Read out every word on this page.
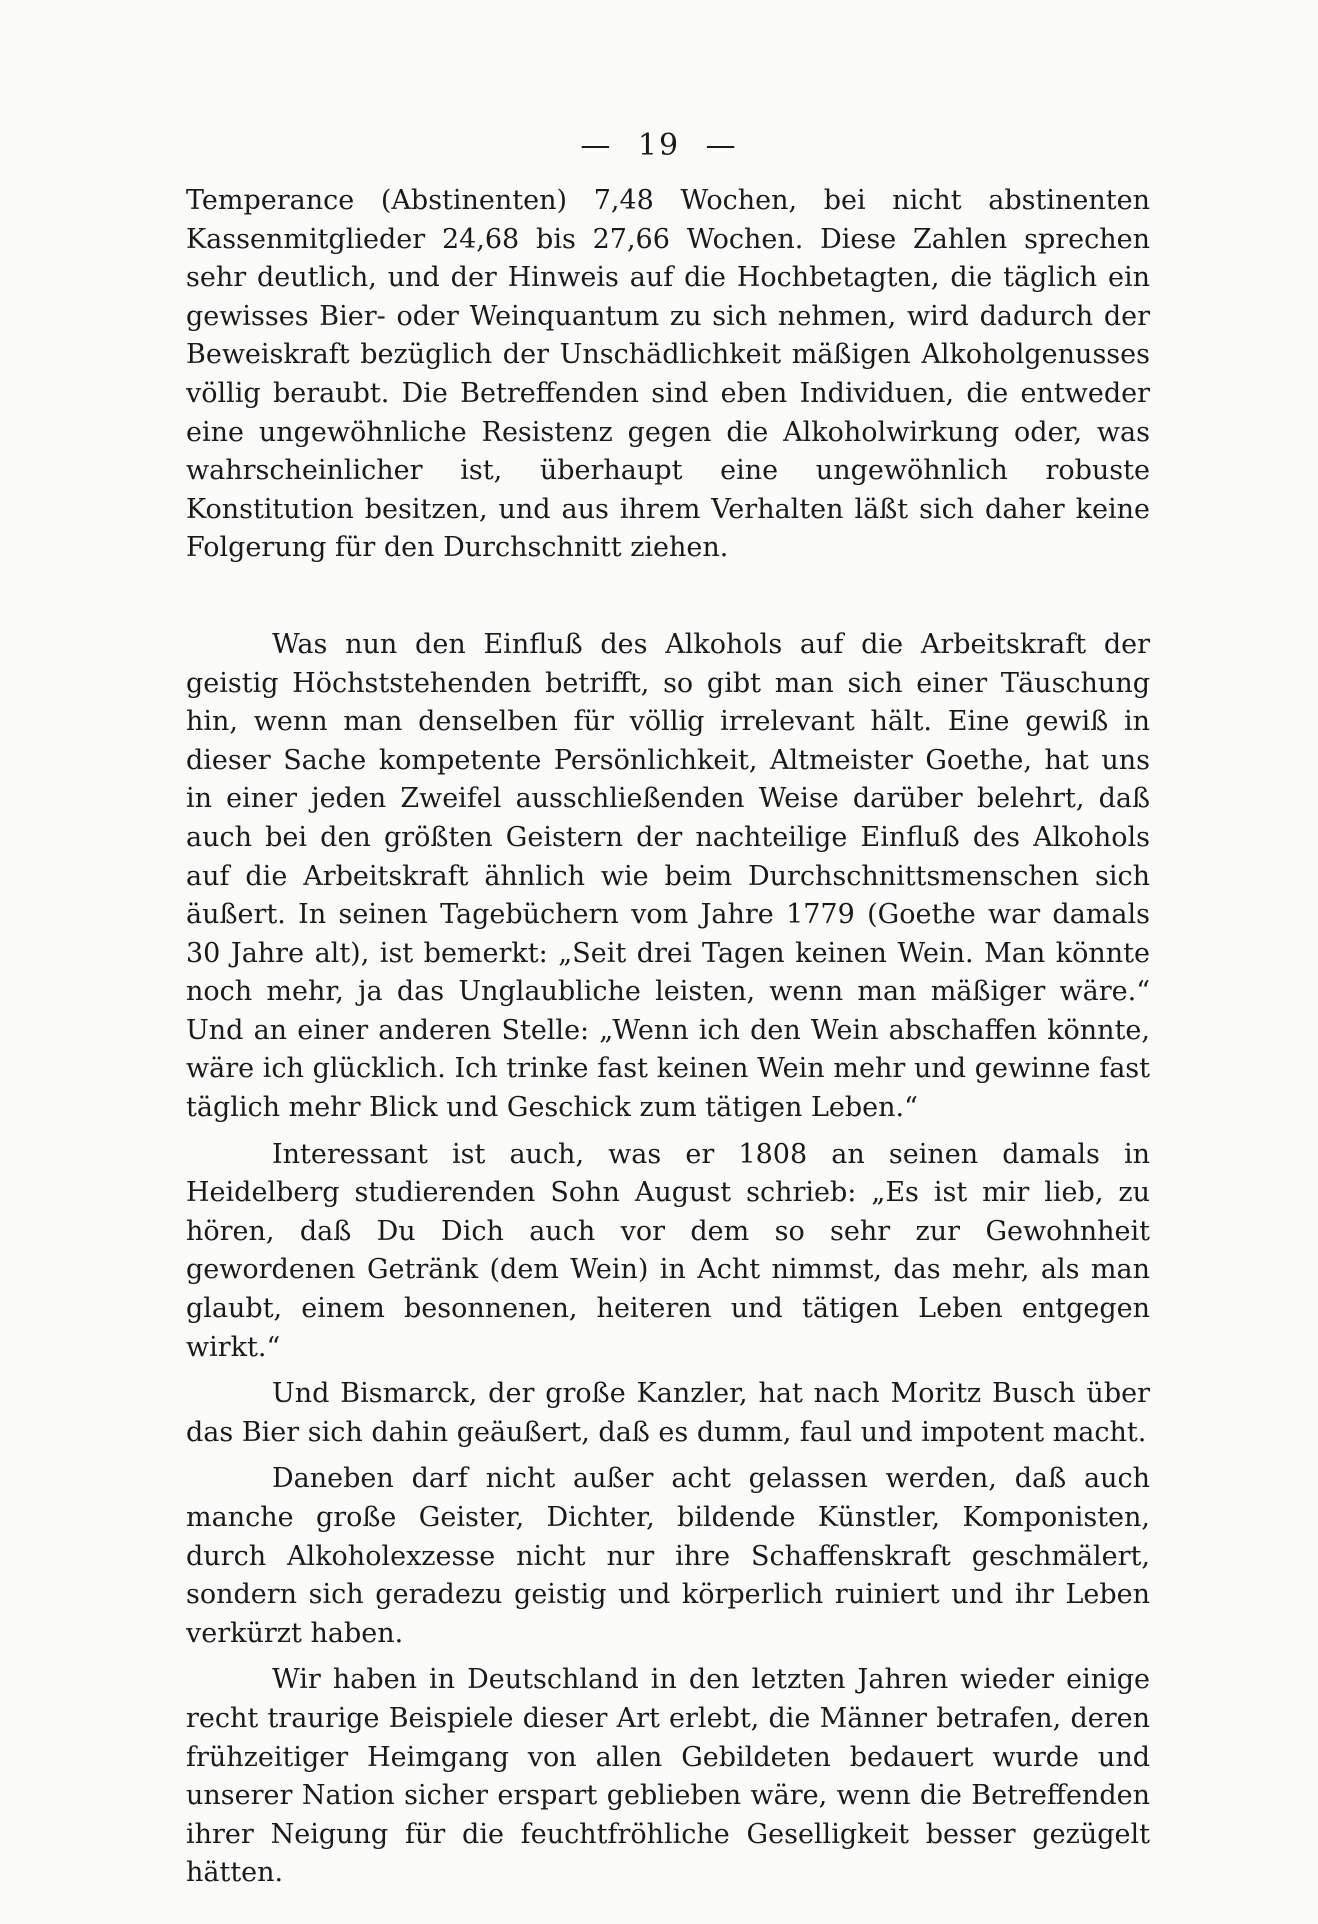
— 19 —

Temperance (Abstinenten) 7,48 Wochen, bei nicht abstinenten Kassenmitglieder 24,68 bis 27,66 Wochen. Diese Zahlen sprechen sehr deutlich, und der Hinweis auf die Hochbetagten, die täglich ein gewisses Bier- oder Weinquantum zu sich nehmen, wird dadurch der Beweiskraft bezüglich der Unschädlichkeit mäßigen Alkoholgenusses völlig beraubt. Die Betreffenden sind eben Individuen, die entweder eine ungewöhnliche Resistenz gegen die Alkoholwirkung oder, was wahrscheinlicher ist, überhaupt eine ungewöhnlich robuste Konstitution besitzen, und aus ihrem Verhalten läßt sich daher keine Folgerung für den Durchschnitt ziehen.

Was nun den Einfluß des Alkohols auf die Arbeitskraft der geistig Höchststehenden betrifft, so gibt man sich einer Täuschung hin, wenn man denselben für völlig irrelevant hält. Eine gewiß in dieser Sache kompetente Persönlichkeit, Altmeister Goethe, hat uns in einer jeden Zweifel ausschließenden Weise darüber belehrt, daß auch bei den größten Geistern der nachteilige Einfluß des Alkohols auf die Arbeitskraft ähnlich wie beim Durchschnittsmenschen sich äußert. In seinen Tagebüchern vom Jahre 1779 (Goethe war damals 30 Jahre alt), ist bemerkt: „Seit drei Tagen keinen Wein. Man könnte noch mehr, ja das Unglaubliche leisten, wenn man mäßiger wäre.“ Und an einer anderen Stelle: „Wenn ich den Wein abschaffen könnte, wäre ich glücklich. Ich trinke fast keinen Wein mehr und gewinne fast täglich mehr Blick und Geschick zum tätigen Leben.“

Interessant ist auch, was er 1808 an seinen damals in Heidelberg studierenden Sohn August schrieb: „Es ist mir lieb, zu hören, daß Du Dich auch vor dem so sehr zur Gewohnheit gewordenen Getränk (dem Wein) in Acht nimmst, das mehr, als man glaubt, einem besonnenen, heiteren und tätigen Leben entgegen wirkt.“

Und Bismarck, der große Kanzler, hat nach Moritz Busch über das Bier sich dahin geäußert, daß es dumm, faul und impotent macht.

Daneben darf nicht außer acht gelassen werden, daß auch manche große Geister, Dichter, bildende Künstler, Komponisten, durch Alkoholexzesse nicht nur ihre Schaffenskraft geschmälert, sondern sich geradezu geistig und körperlich ruiniert und ihr Leben verkürzt haben.

Wir haben in Deutschland in den letzten Jahren wieder einige recht traurige Beispiele dieser Art erlebt, die Männer betrafen, deren frühzeitiger Heimgang von allen Gebildeten bedauert wurde und unserer Nation sicher erspart geblieben wäre, wenn die Betreffenden ihrer Neigung für die feuchtfröhliche Geselligkeit besser gezügelt hätten.
